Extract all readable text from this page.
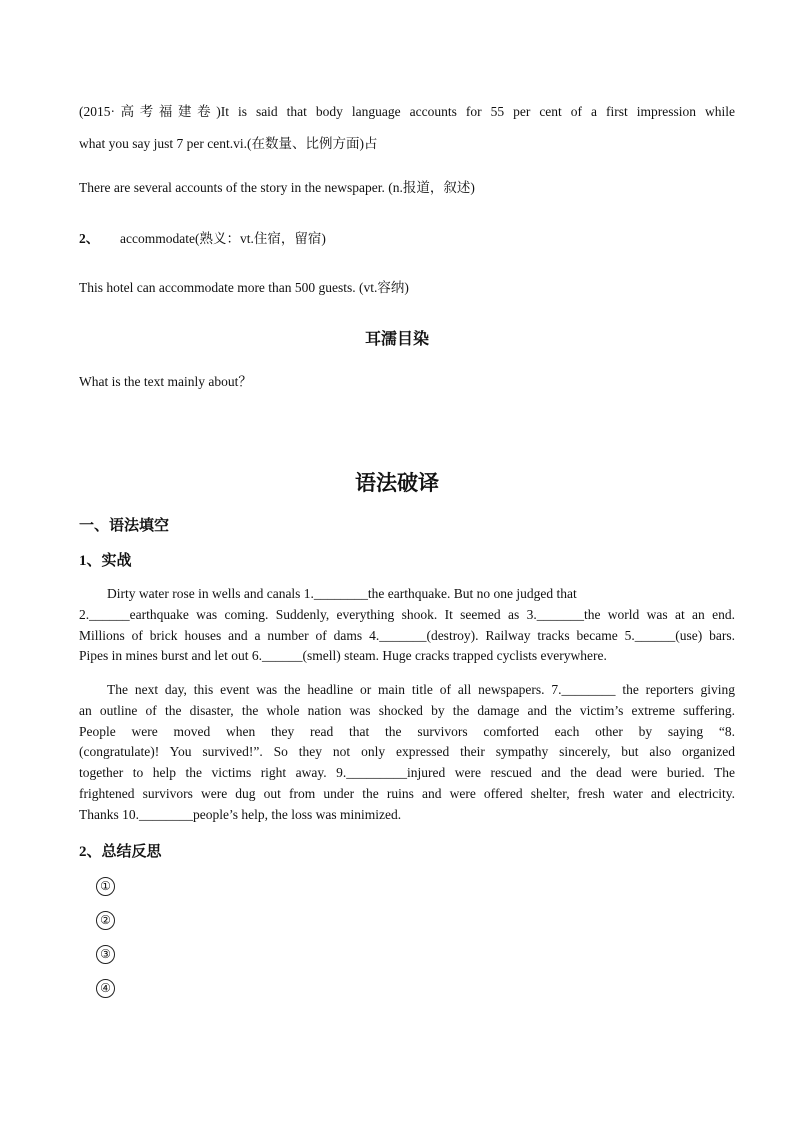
(2015·高考福建卷)It is said that body language accounts for 55 per cent of a first impression while
what you say just 7 per cent.vi.(在数量、比例方面)占
There are several accounts of the story in the newspaper. (n.报道，叙述)
2、 accommodate(熟义：vt.住宿，留宿)
This hotel can accommodate more than 500 guests. (vt.容纳)
耳濡目染
What is the text mainly about？
语法破译
一、语法填空
1、实战
Dirty water rose in wells and canals 1.________the earthquake. But no one judged that
2.______earthquake was coming. Suddenly, everything shook. It seemed as 3._______the world was at an end.
Millions of brick houses and a number of dams 4._______(destroy). Railway tracks became 5.______(use) bars.
Pipes in mines burst and let out 6.______(smell) steam. Huge cracks trapped cyclists everywhere.
The next day, this event was the headline or main title of all newspapers. 7.________ the reporters giving
an outline of the disaster, the whole nation was shocked by the damage and the victim’s extreme suffering.
People were moved when they read that the survivors comforted each other by saying “8.
(congratulate)! You survived!”. So they not only expressed their sympathy sincerely, but also organized
together to help the victims right away. 9._________injured were rescued and the dead were buried. The
frightened survivors were dug out from under the ruins and were offered shelter, fresh water and electricity.
Thanks 10.________people’s help, the loss was minimized.
2、总结反思
①
②
③
④
